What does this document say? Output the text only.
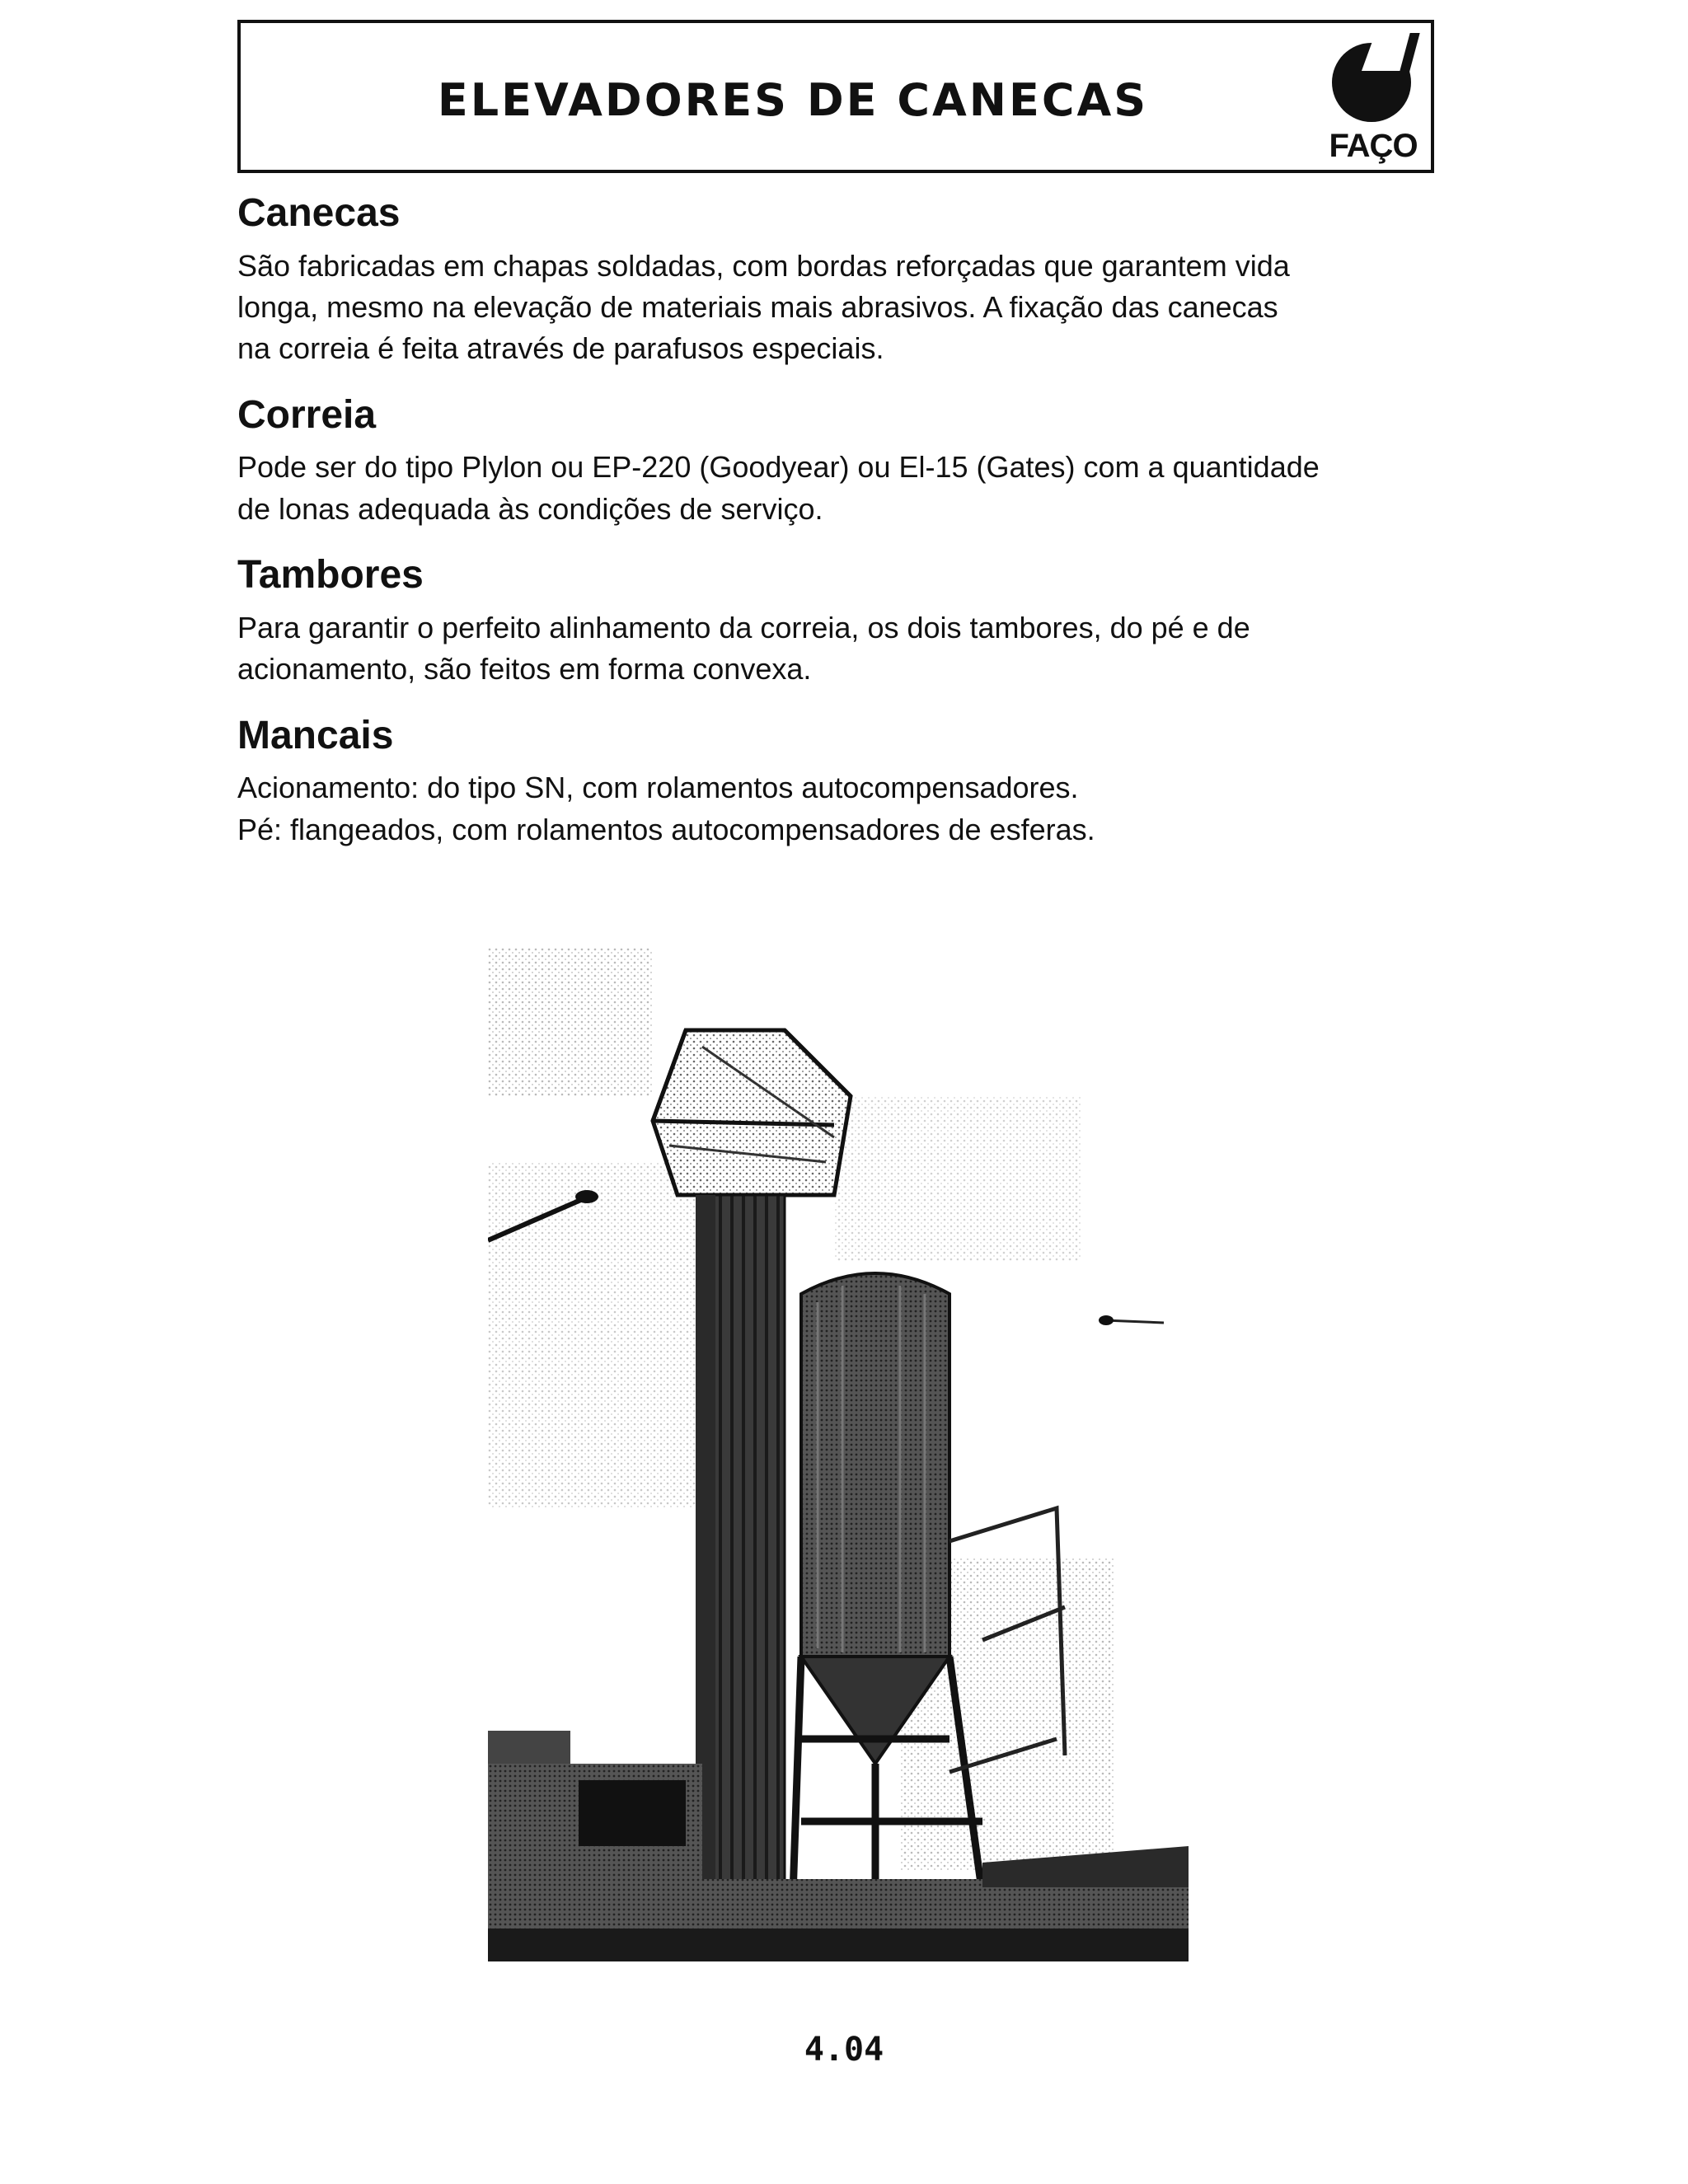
ELEVADORES DE CANECAS
FAÇO
Canecas

São fabricadas em chapas soldadas, com bordas reforçadas que garantem vida
longa, mesmo na elevação de materiais mais abrasivos. A fixação das canecas
na correia é feita através de parafusos especiais.

Correia

Pode ser do tipo Plylon ou EP-220 (Goodyear) ou El-15 (Gates) com a quantidade
de lonas adequada às condições de serviço.

Tambores

Para garantir o perfeito alinhamento da correia, os dois tambores, do pé e de
acionamento, são feitos em forma convexa.

Mancais

Acionamento: do tipo SN, com rolamentos autocompensadores.
Pé: flangeados, com rolamentos autocompensadores de esferas.

4.04
